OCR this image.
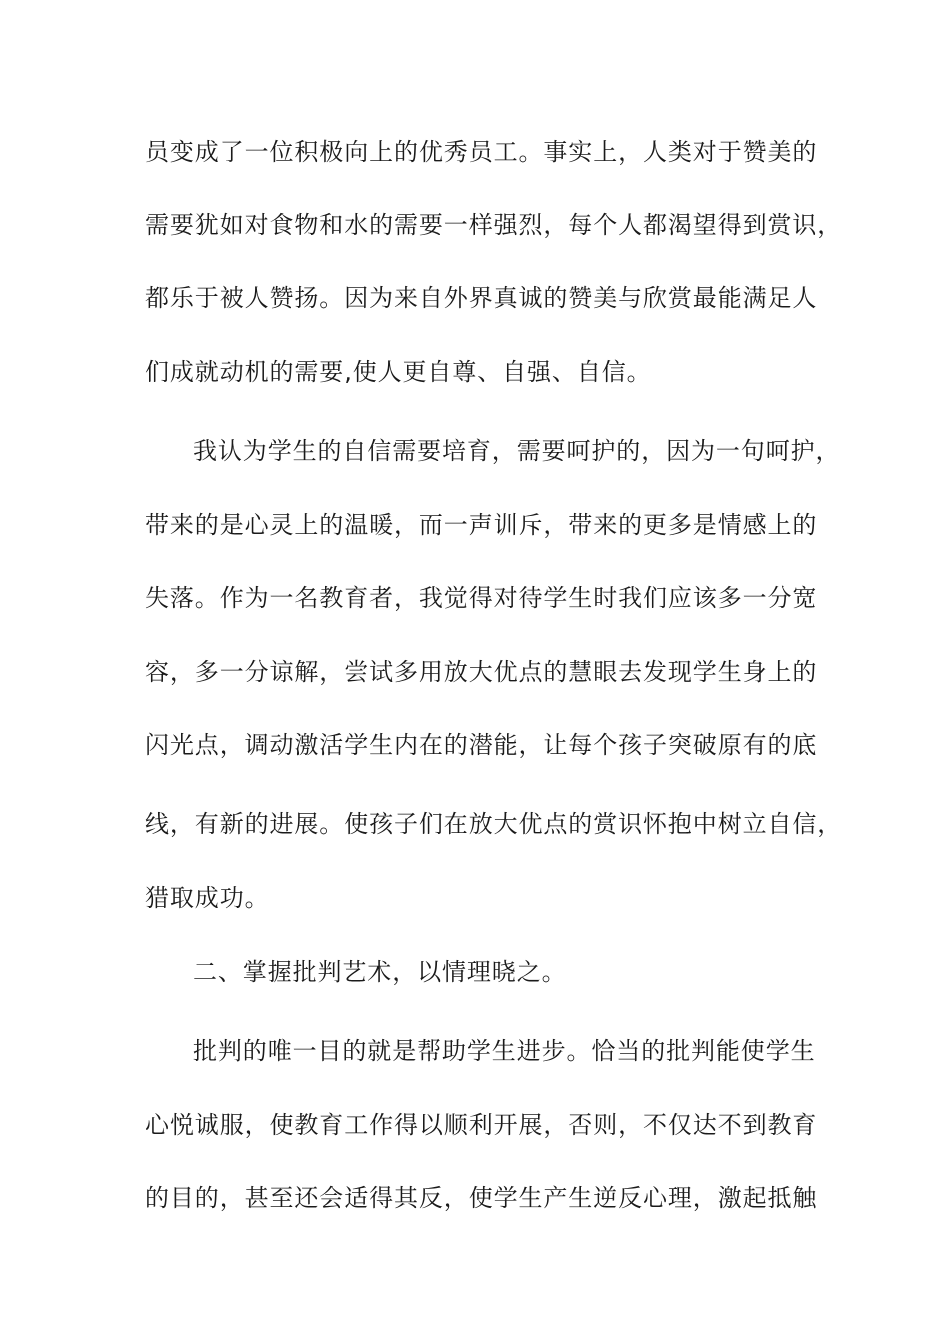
员变成了一位积极向上的优秀员工。事实上，人类对于赞美的
需要犹如对食物和水的需要一样强烈，每个人都渴望得到赏识，
都乐于被人赞扬。因为来自外界真诚的赞美与欣赏最能满足人
们成就动机的需要,使人更自尊、自强、自信。
我认为学生的自信需要培育，需要呵护的，因为一句呵护，
带来的是心灵上的温暖，而一声训斥，带来的更多是情感上的
失落。作为一名教育者，我觉得对待学生时我们应该多一分宽
容，多一分谅解，尝试多用放大优点的慧眼去发现学生身上的
闪光点，调动激活学生内在的潜能，让每个孩子突破原有的底
线，有新的进展。使孩子们在放大优点的赏识怀抱中树立自信，
猎取成功。
二、掌握批判艺术，以情理晓之。
批判的唯一目的就是帮助学生进步。恰当的批判能使学生
心悦诚服，使教育工作得以顺利开展，否则，不仅达不到教育
的目的，甚至还会适得其反，使学生产生逆反心理，激起抵触
